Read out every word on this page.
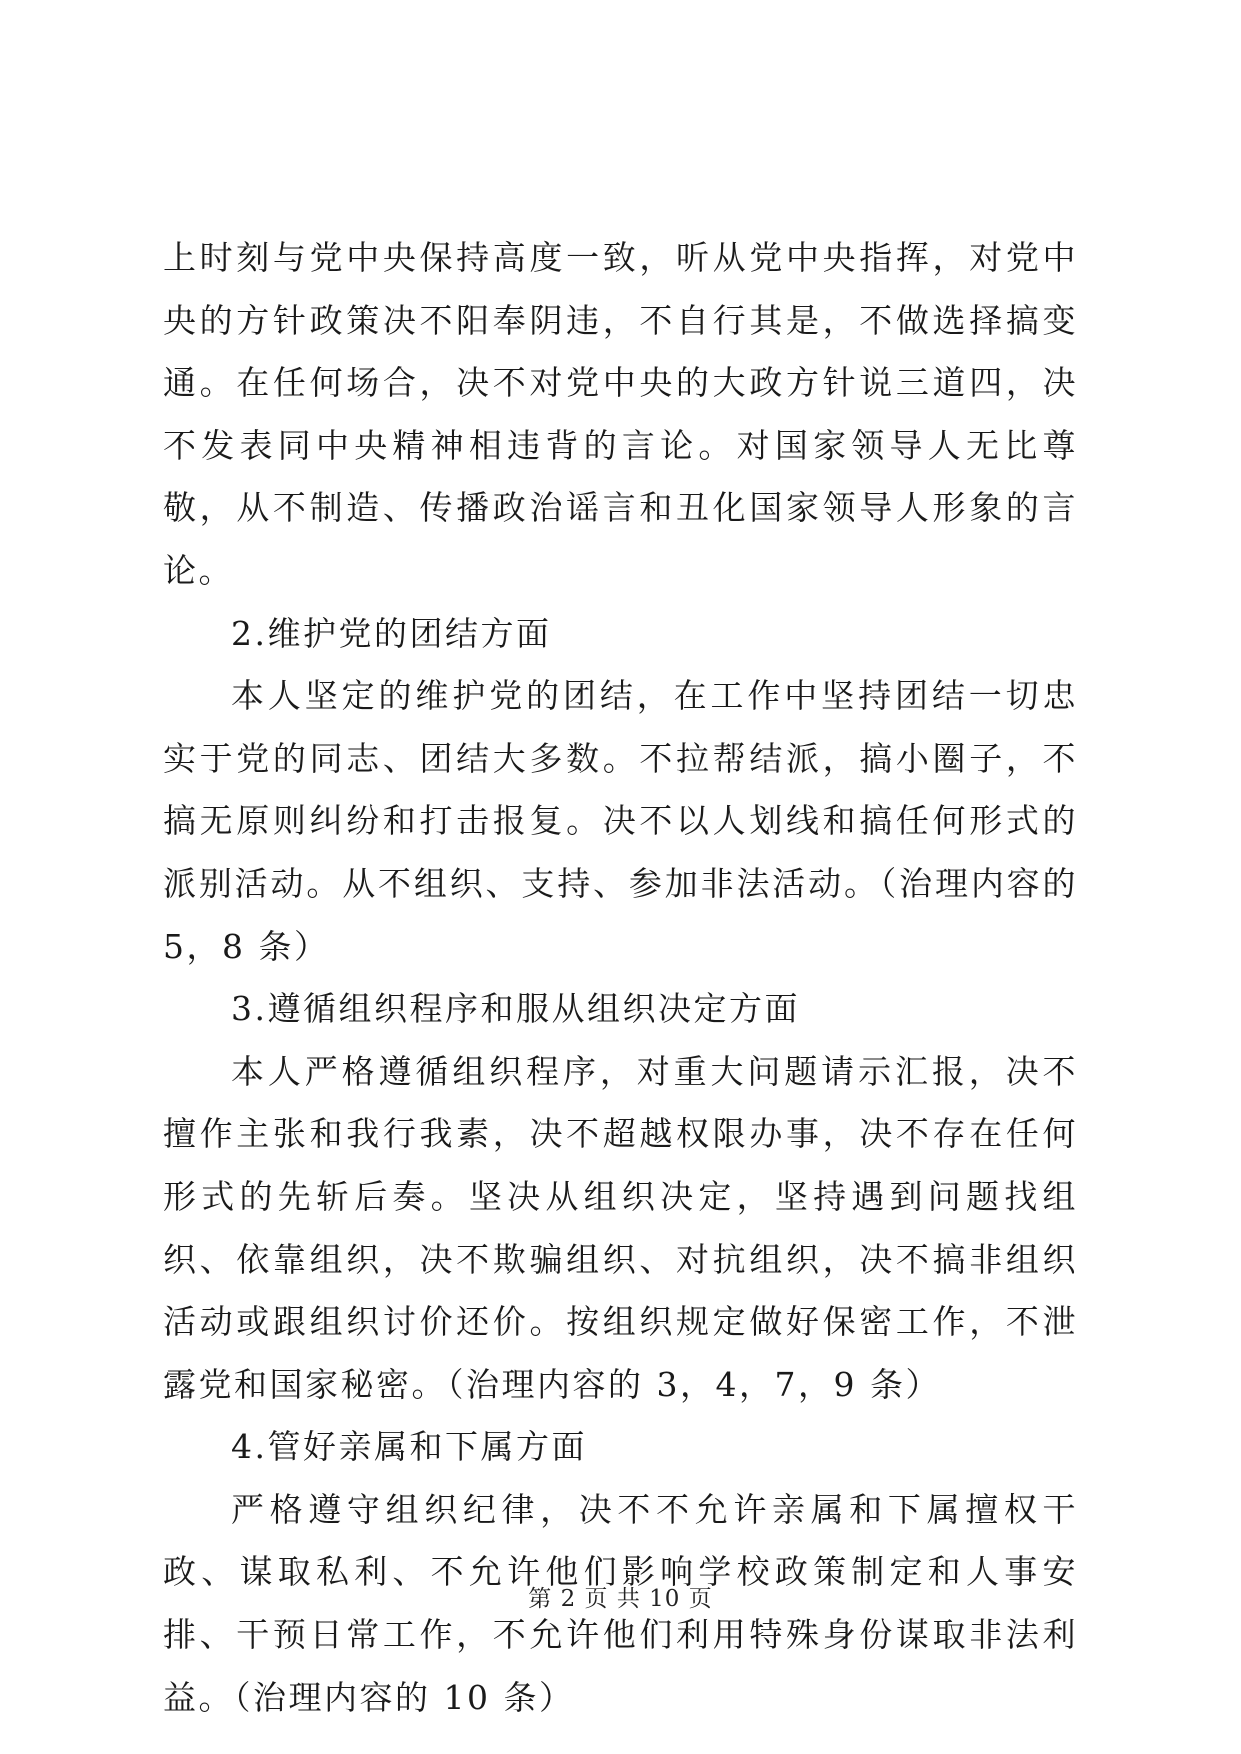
上时刻与党中央保持高度一致，听从党中央指挥，对党中央的方针政策决不阳奉阴违，不自行其是，不做选择搞变通。在任何场合，决不对党中央的大政方针说三道四，决不发表同中央精神相违背的言论。对国家领导人无比尊敬，从不制造、传播政治谣言和丑化国家领导人形象的言论。

2.维护党的团结方面

本人坚定的维护党的团结，在工作中坚持团结一切忠实于党的同志、团结大多数。不拉帮结派，搞小圈子，不搞无原则纠纷和打击报复。决不以人划线和搞任何形式的派别活动。从不组织、支持、参加非法活动。（治理内容的 5，8 条）

3.遵循组织程序和服从组织决定方面

本人严格遵循组织程序，对重大问题请示汇报，决不擅作主张和我行我素，决不超越权限办事，决不存在任何形式的先斩后奏。坚决从组织决定，坚持遇到问题找组织、依靠组织，决不欺骗组织、对抗组织，决不搞非组织活动或跟组织讨价还价。按组织规定做好保密工作，不泄露党和国家秘密。（治理内容的 3，4，7，9 条）

4.管好亲属和下属方面

严格遵守组织纪律，决不不允许亲属和下属擅权干政、谋取私利、不允许他们影响学校政策制定和人事安排、干预日常工作，不允许他们利用特殊身份谋取非法利益。（治理内容的 10 条）

第 2 页 共 10 页
